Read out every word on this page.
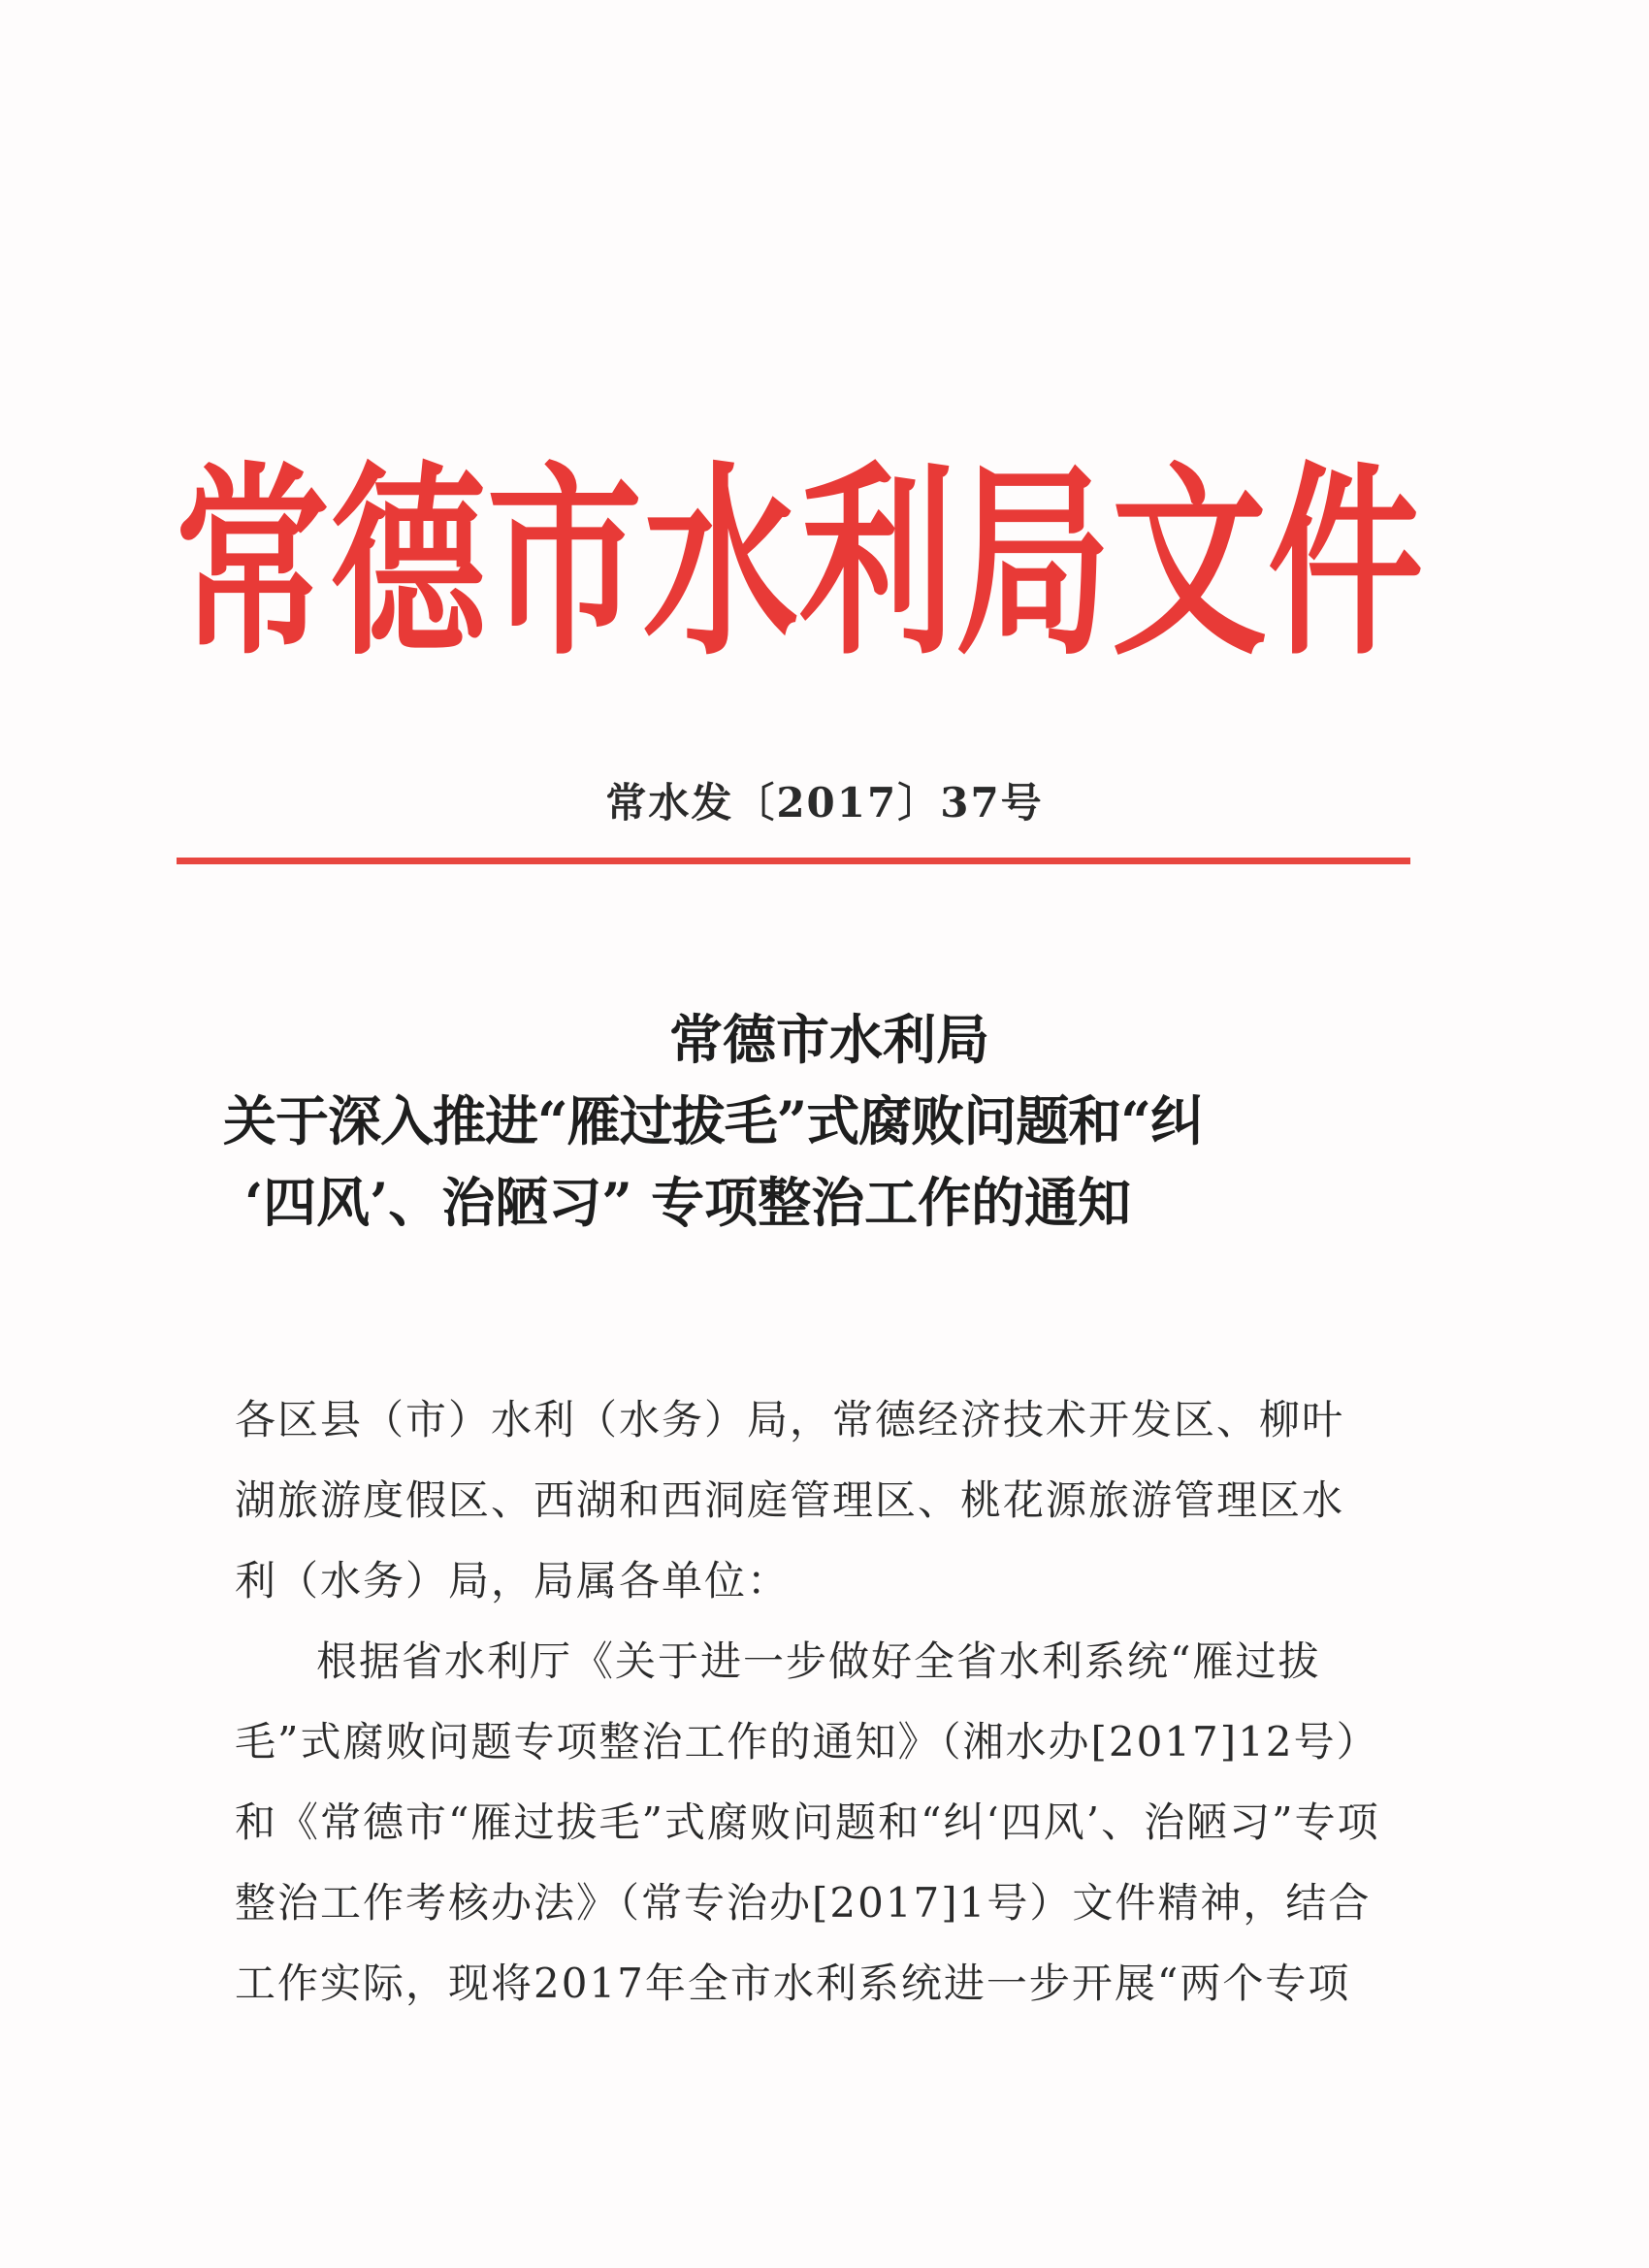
常德市水利局文件
常水发〔2017〕37号
常德市水利局
关于深入推进“雁过拔毛”式腐败问题和“纠
‘四风’、治陋习” 专项整治工作的通知
各区县（市）水利（水务）局，常德经济技术开发区、柳叶
湖旅游度假区、西湖和西洞庭管理区、桃花源旅游管理区水
利（水务）局，局属各单位：
根据省水利厅《关于进一步做好全省水利系统“雁过拔
毛”式腐败问题专项整治工作的通知》（湘水办[2017]12号）
和《常德市“雁过拔毛”式腐败问题和“纠‘四风’、治陋习”专项
整治工作考核办法》（常专治办[2017]1号）文件精神，结合
工作实际，现将2017年全市水利系统进一步开展“两个专项
